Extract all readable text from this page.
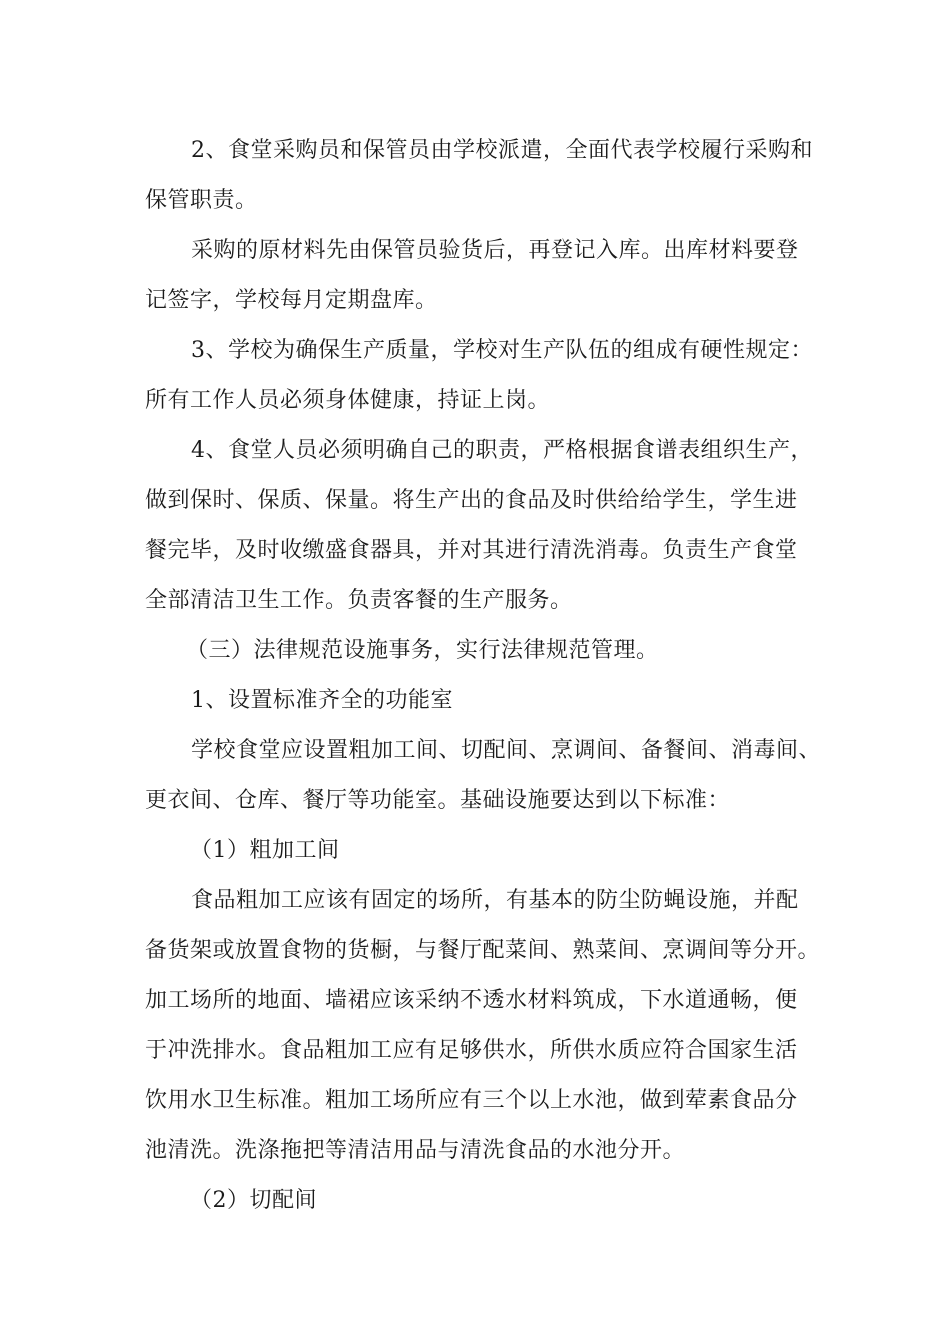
2、食堂采购员和保管员由学校派遣，全面代表学校履行采购和
保管职责。
采购的原材料先由保管员验货后，再登记入库。出库材料要登
记签字，学校每月定期盘库。
3、学校为确保生产质量，学校对生产队伍的组成有硬性规定：
所有工作人员必须身体健康，持证上岗。
4、食堂人员必须明确自己的职责，严格根据食谱表组织生产，
做到保时、保质、保量。将生产出的食品及时供给给学生，学生进
餐完毕，及时收缴盛食器具，并对其进行清洗消毒。负责生产食堂
全部清洁卫生工作。负责客餐的生产服务。
（三）法律规范设施事务，实行法律规范管理。
1、设置标准齐全的功能室
学校食堂应设置粗加工间、切配间、烹调间、备餐间、消毒间、
更衣间、仓库、餐厅等功能室。基础设施要达到以下标准：
（1）粗加工间
食品粗加工应该有固定的场所，有基本的防尘防蝇设施，并配
备货架或放置食物的货橱，与餐厅配菜间、熟菜间、烹调间等分开。
加工场所的地面、墙裙应该采纳不透水材料筑成，下水道通畅，便
于冲洗排水。食品粗加工应有足够供水，所供水质应符合国家生活
饮用水卫生标准。粗加工场所应有三个以上水池，做到荤素食品分
池清洗。洗涤拖把等清洁用品与清洗食品的水池分开。
（2）切配间
